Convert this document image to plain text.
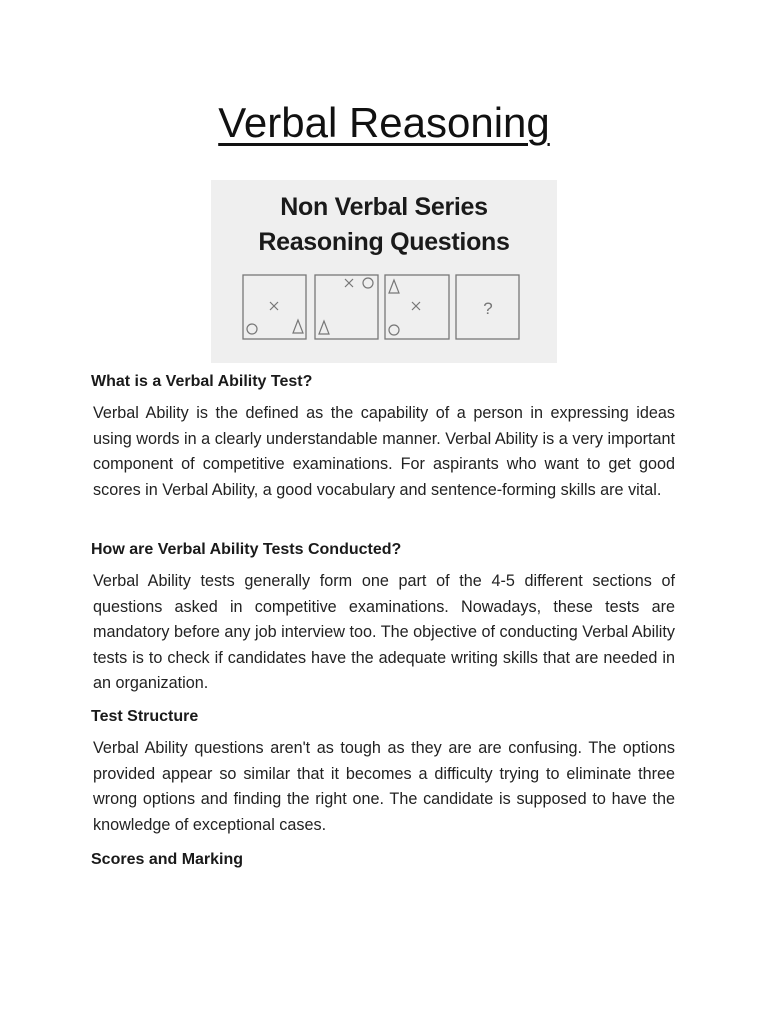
Verbal Reasoning
?
Non Verbal Series
Reasoning Questions
What is a Verbal Ability Test?

Verbal Ability is the defined as the capability of a person in expressing ideas using words in a clearly understandable manner. Verbal Ability is a very important component of competitive examinations. For aspirants who want to get good scores in Verbal Ability, a good vocabulary and sentence-forming skills are vital.

How are Verbal Ability Tests Conducted?

Verbal Ability tests generally form one part of the 4-5 different sections of questions asked in competitive examinations. Nowadays, these tests are mandatory before any job interview too. The objective of conducting Verbal Ability tests is to check if candidates have the adequate writing skills that are needed in an organization.

Test Structure

Verbal Ability questions aren't as tough as they are are confusing. The options provided appear so similar that it becomes a difficulty trying to eliminate three wrong options and finding the right one. The candidate is supposed to have the knowledge of exceptional cases.

Scores and Marking
